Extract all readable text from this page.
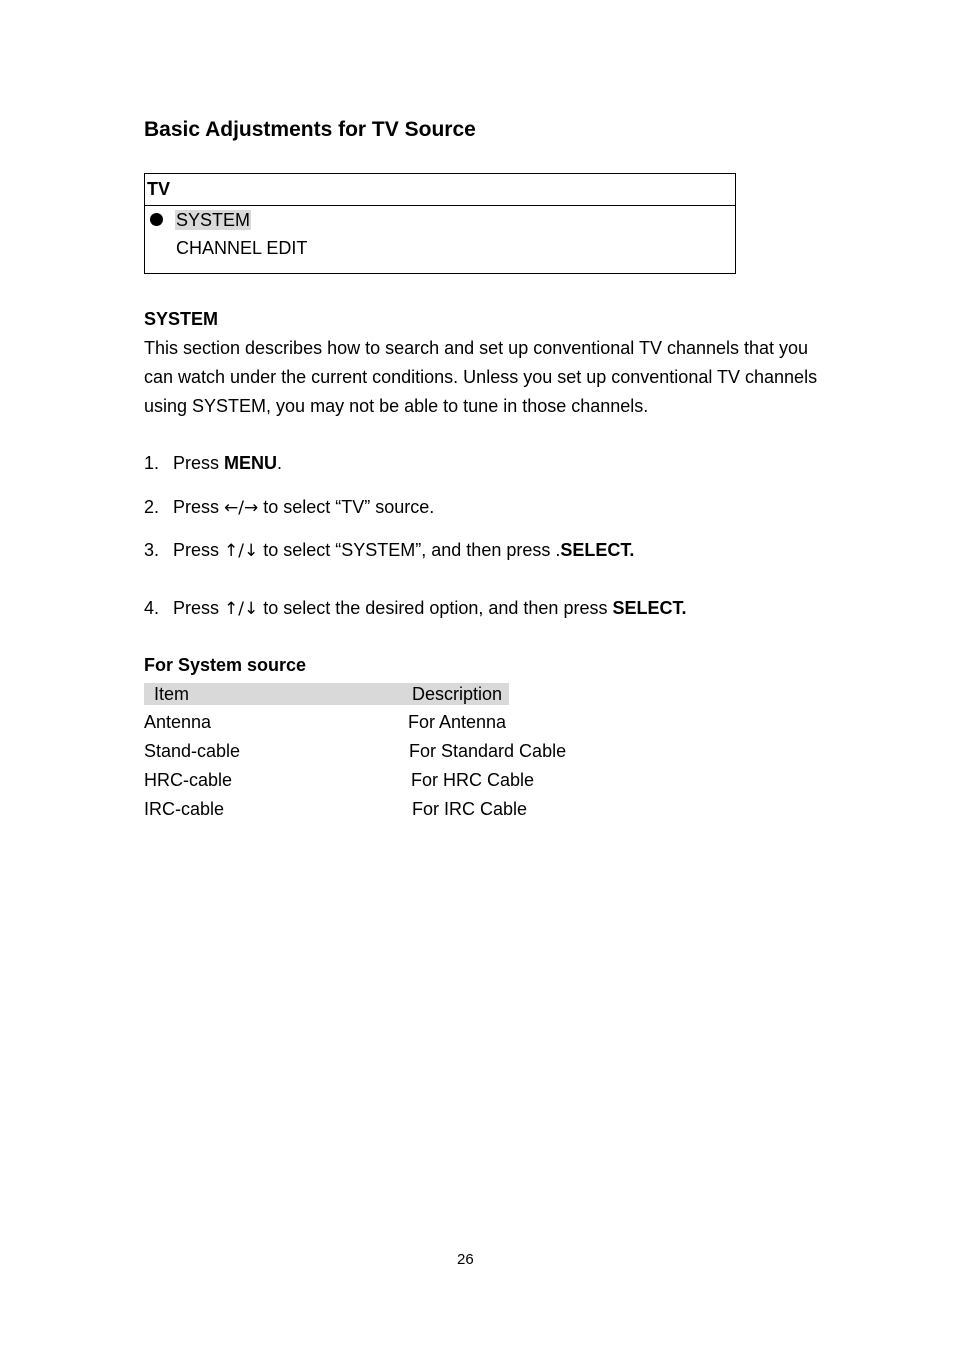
Basic Adjustments for TV Source
TV
SYSTEM
CHANNEL EDIT
SYSTEM
This section describes how to search and set up conventional TV channels that you can watch under the current conditions. Unless you set up conventional TV channels using SYSTEM, you may not be able to tune in those channels.
1. Press MENU.
2. Press ←/→ to select “TV” source.
3. Press ↑/↓ to select “SYSTEM”, and then press .SELECT.
4. Press ↑/↓ to select the desired option, and then press SELECT.
For System source
Item	Description
Antenna	For Antenna
Stand-cable	For Standard Cable
HRC-cable	For HRC Cable
IRC-cable	For IRC Cable
26
